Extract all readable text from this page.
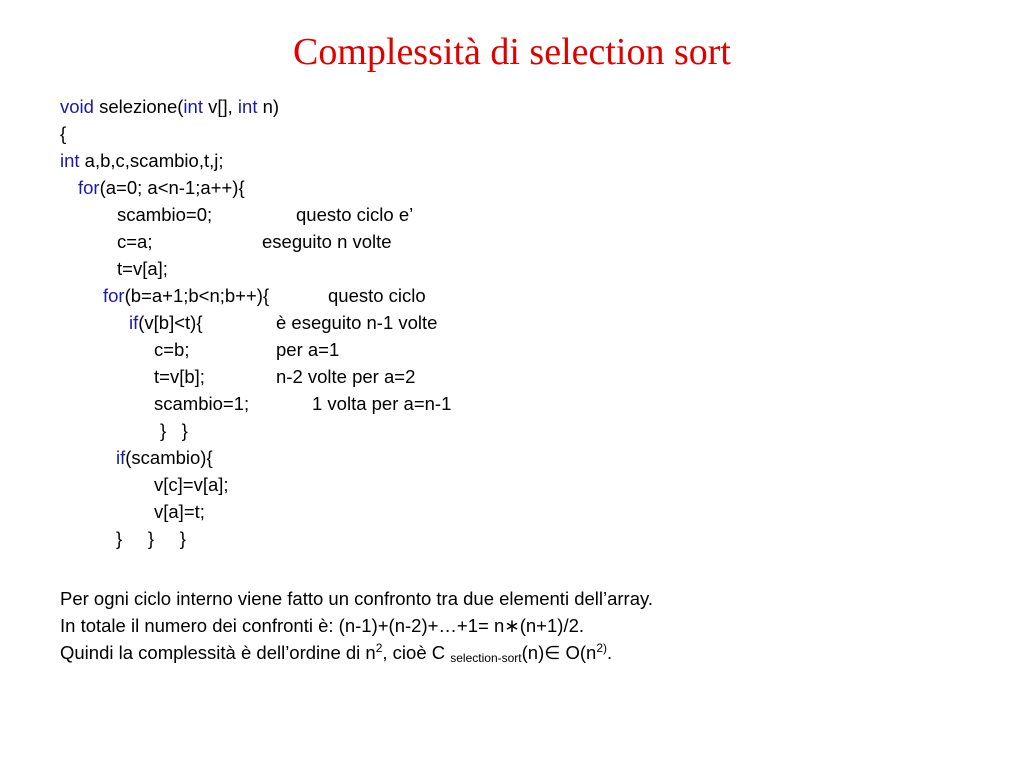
Complessità di selection sort
void selezione(int v[], int n)
{
int a,b,c,scambio,t,j;
for(a=0; a<n-1;a++){
scambio=0;
c=a;
t=v[a];
for(b=a+1;b<n;b++){
if(v[b]<t){
c=b;
t=v[b];
scambio=1;
}   }
if(scambio){
v[c]=v[a];
v[a]=t;
}     }     }
questo ciclo e’
eseguito n volte
questo ciclo
è eseguito n-1 volte
per a=1
n-2 volte per a=2
1 volta per a=n-1
Per ogni ciclo interno viene fatto un confronto tra due elementi dell’array.
In totale il numero dei confronti è: (n-1)+(n-2)+…+1= n∗(n+1)/2.
Quindi la complessità è dell’ordine di $n^2$, cioè C $_{selection-sort}$(n)∈ $O(n^{2)}$.
